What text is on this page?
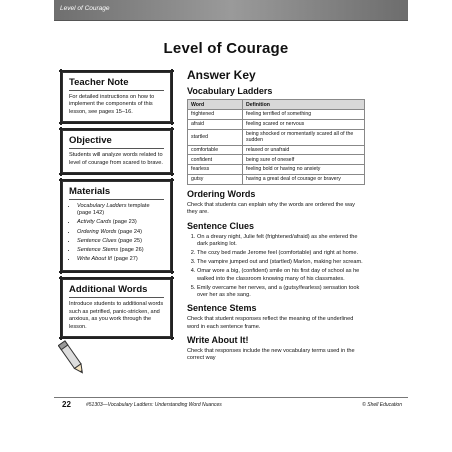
Level of Courage
Level of Courage
Teacher Note

For detailed instructions on how to implement the components of this lesson, see pages 15–16.

Objective

Students will analyze words related to level of courage from scared to brave.

Materials
• Vocabulary Ladders template (page 142)
• Activity Cards (page 23)
• Ordering Words (page 24)
• Sentence Clues (page 25)
• Sentence Stems (page 26)
• Write About It! (page 27)
Additional Words

Introduce students to additional words such as petrified, panic-stricken, and anxious, as you work through the lesson.

Answer Key
Vocabulary Ladders
Word	Definition
frightened	feeling terrified of something
afraid	feeling scared or nervous
startled	being shocked or momentarily scared all of the sudden
comfortable	relaxed or unafraid
confident	being sure of oneself
fearless	feeling bold or having no anxiety
gutsy	having a great deal of courage or bravery
Ordering Words

Check that students can explain why the words are ordered the way they are.

Sentence Clues
1. On a dreary night, Julie felt (frightened/afraid) as she entered the dark parking lot.
2. The cozy bed made Jerome feel (comfortable) and right at home.
3. The vampire jumped out and (startled) Marlon, making her scream.
4. Omar wore a big, (confident) smile on his first day of school as he walked into the classroom knowing many of his classmates.
5. Emily overcame her nerves, and a (gutsy/fearless) sensation took over her as she sang.
Sentence Stems

Check that student responses reflect the meaning of the underlined word in each sentence frame.

Write About It!

Check that responses include the new vocabulary terms used in the correct way

22	#51303—Vocabulary Ladders: Understanding Word Nuances	© Shell Education
